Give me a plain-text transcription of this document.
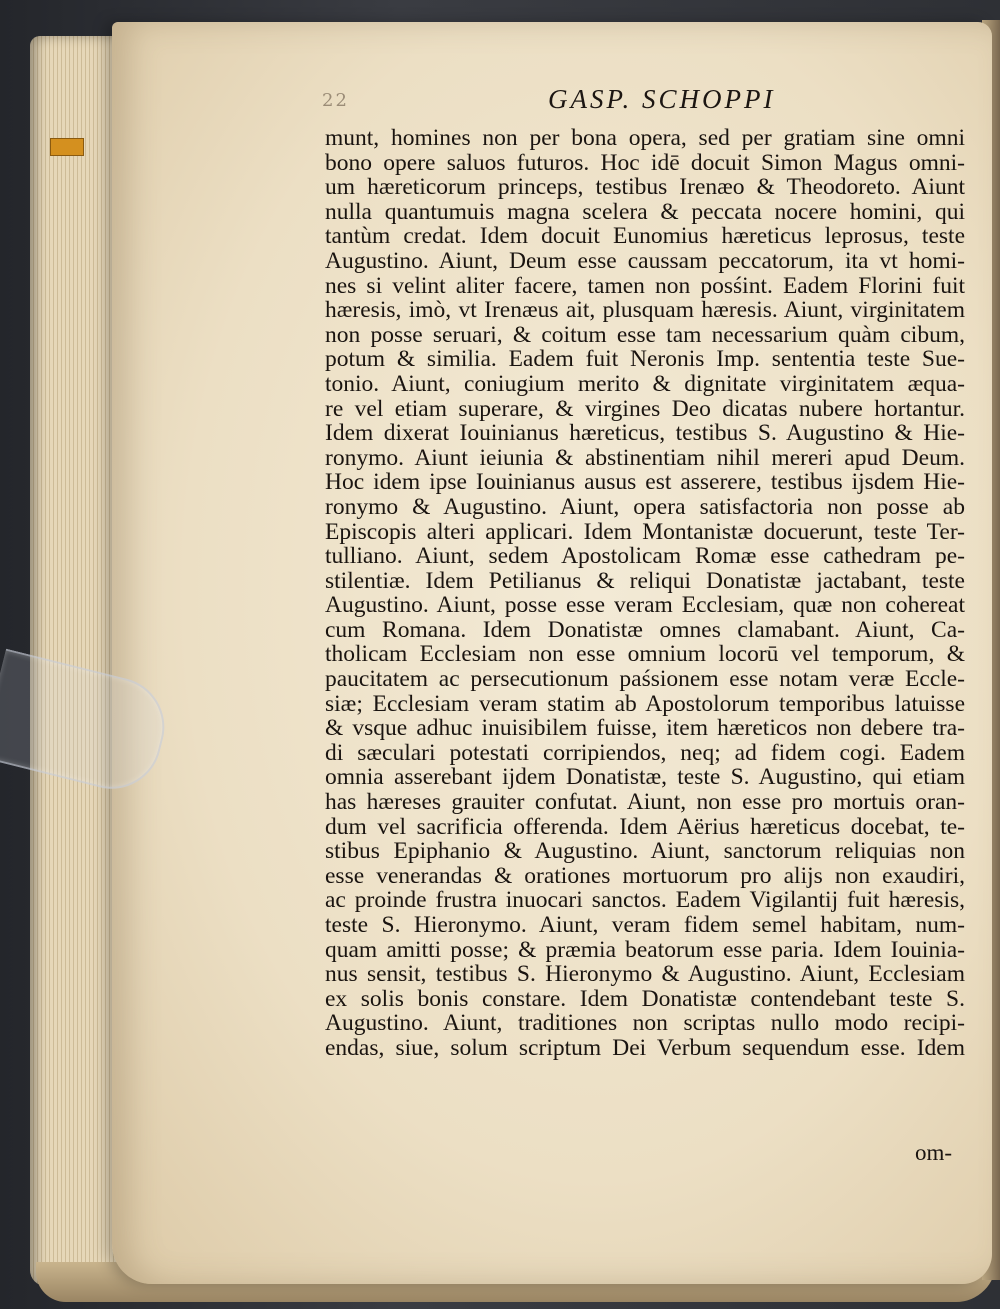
22	GASP. SCHOPPI
munt, homines non per bona opera, sed per gratiam sine omni
bono opere saluos futuros. Hoc idē docuit Simon Magus omni-
um hæreticorum princeps, testibus Irenæo & Theodoreto. Aiunt
nulla quantumuis magna scelera & peccata nocere homini, qui
tantùm credat. Idem docuit Eunomius hæreticus leprosus, teste
Augustino. Aiunt, Deum esse caussam peccatorum, ita vt homi-
nes si velint aliter facere, tamen non posśint. Eadem Florini fuit
hæresis, imò, vt Irenæus ait, plusquam hæresis. Aiunt, virginitatem
non posse seruari, & coitum esse tam necessarium quàm cibum,
potum & similia. Eadem fuit Neronis Imp. sententia teste Sue-
tonio. Aiunt, coniugium merito & dignitate virginitatem æqua-
re vel etiam superare, & virgines Deo dicatas nubere hortantur.
Idem dixerat Iouinianus hæreticus, testibus S. Augustino & Hie-
ronymo. Aiunt ieiunia & abstinentiam nihil mereri apud Deum.
Hoc idem ipse Iouinianus ausus est asserere, testibus ijsdem Hie-
ronymo & Augustino. Aiunt, opera satisfactoria non posse ab
Episcopis alteri applicari. Idem Montanistæ docuerunt, teste Ter-
tulliano. Aiunt, sedem Apostolicam Romæ esse cathedram pe-
stilentiæ. Idem Petilianus & reliqui Donatistæ jactabant, teste
Augustino. Aiunt, posse esse veram Ecclesiam, quæ non cohereat
cum Romana. Idem Donatistæ omnes clamabant. Aiunt, Ca-
tholicam Ecclesiam non esse omnium locorū vel temporum, &
paucitatem ac persecutionum paśsionem esse notam veræ Eccle-
siæ; Ecclesiam veram statim ab Apostolorum temporibus latuisse
& vsque adhuc inuisibilem fuisse, item hæreticos non debere tra-
di sæculari potestati corripiendos, neq; ad fidem cogi. Eadem
omnia asserebant ijdem Donatistæ, teste S. Augustino, qui etiam
has hæreses grauiter confutat. Aiunt, non esse pro mortuis oran-
dum vel sacrificia offerenda. Idem Aërius hæreticus docebat, te-
stibus Epiphanio & Augustino. Aiunt, sanctorum reliquias non
esse venerandas & orationes mortuorum pro alijs non exaudiri,
ac proinde frustra inuocari sanctos. Eadem Vigilantij fuit hæresis,
teste S. Hieronymo. Aiunt, veram fidem semel habitam, num-
quam amitti posse; & præmia beatorum esse paria. Idem Iouinia-
nus sensit, testibus S. Hieronymo & Augustino. Aiunt, Ecclesiam
ex solis bonis constare. Idem Donatistæ contendebant teste S.
Augustino. Aiunt, traditiones non scriptas nullo modo recipi-
endas, siue, solum scriptum Dei Verbum sequendum esse. Idem

om-
